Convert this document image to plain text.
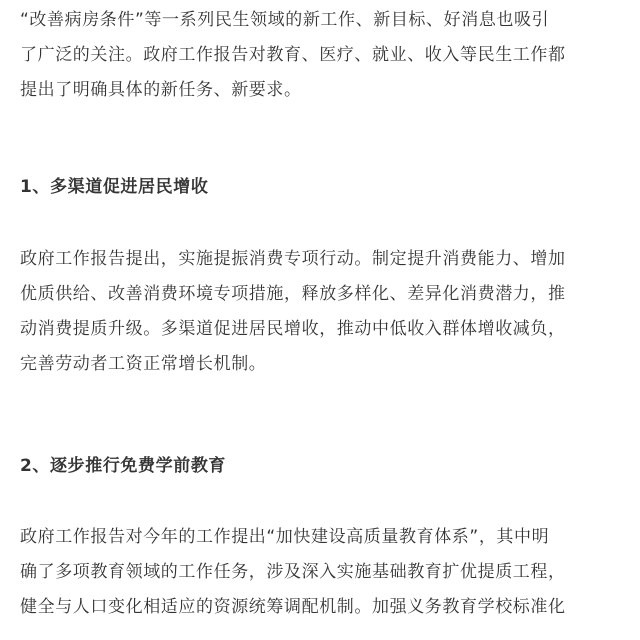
“改善病房条件”等一系列民生领域的新工作、新目标、好消息也吸引
了广泛的关注。政府工作报告对教育、医疗、就业、收入等民生工作都
提出了明确具体的新任务、新要求。
1、多渠道促进居民增收
政府工作报告提出，实施提振消费专项行动。制定提升消费能力、增加
优质供给、改善消费环境专项措施，释放多样化、差异化消费潜力，推
动消费提质升级。多渠道促进居民增收，推动中低收入群体增收减负，
完善劳动者工资正常增长机制。
2、逐步推行免费学前教育
政府工作报告对今年的工作提出“加快建设高质量教育体系”，其中明
确了多项教育领域的工作任务，涉及深入实施基础教育扩优提质工程，
健全与人口变化相适应的资源统筹调配机制。加强义务教育学校标准化
